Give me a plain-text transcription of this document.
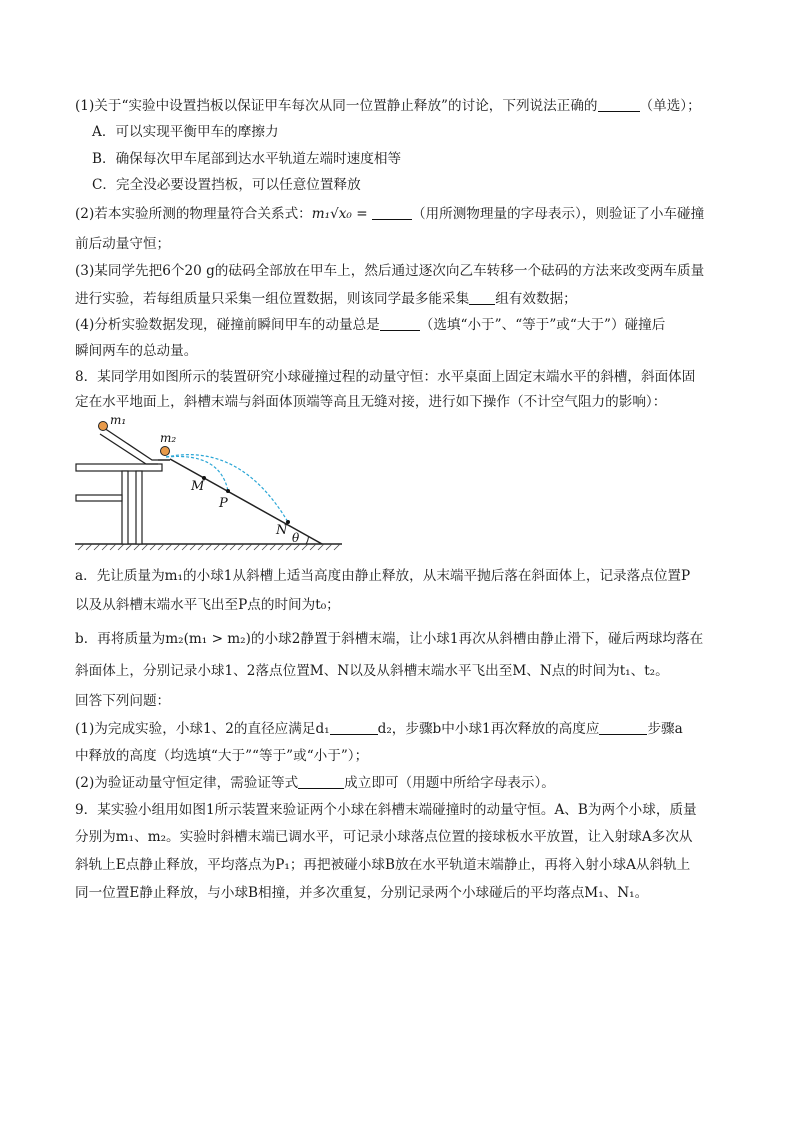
(1)关于“实验中设置挡板以保证甲车每次从同一位置静止释放”的讨论，下列说法正确的	（单选）；
A．可以实现平衡甲车的摩擦力
B．确保每次甲车尾部到达水平轨道左端时速度相等
C．完全没必要设置挡板，可以任意位置释放
(2)若本实验所测的物理量符合关系式：m₁√x₀ =	（用所测物理量的字母表示），则验证了小车碰撞
前后动量守恒；
(3)某同学先把6个20 g的砝码全部放在甲车上，然后通过逐次向乙车转移一个砝码的方法来改变两车质量
进行实验，若每组质量只采集一组位置数据，则该同学最多能采集 组有效数据；
(4)分析实验数据发现，碰撞前瞬间甲车的动量总是	（选填“小于”、“等于”或“大于”）碰撞后
瞬间两车的总动量。
8．某同学用如图所示的装置研究小球碰撞过程的动量守恒：水平桌面上固定末端水平的斜槽，斜面体固
定在水平地面上，斜槽末端与斜面体顶端等高且无缝对接，进行如下操作（不计空气阻力的影响）：
m₁
m₂
M
P
N θ
a．先让质量为m₁的小球1从斜槽上适当高度由静止释放，从末端平抛后落在斜面体上，记录落点位置P
以及从斜槽末端水平飞出至P点的时间为t₀；
b．再将质量为m₂(m₁ > m₂)的小球2静置于斜槽末端，让小球1再次从斜槽由静止滑下，碰后两球均落在
斜面体上，分别记录小球1、2落点位置M、N以及从斜槽末端水平飞出至M、N点的时间为t₁、t₂。
回答下列问题：
(1)为完成实验，小球1、2的直径应满足d₁	d₂，步骤b中小球1再次释放的高度应	步骤a
中释放的高度（均选填“大于”“等于”或“小于”）；
(2)为验证动量守恒定律，需验证等式	成立即可（用题中所给字母表示）。
9．某实验小组用如图1所示装置来验证两个小球在斜槽末端碰撞时的动量守恒。A、B为两个小球，质量
分别为m₁、m₂。实验时斜槽末端已调水平，可记录小球落点位置的接球板水平放置，让入射球A多次从
斜轨上E点静止释放，平均落点为P₁；再把被碰小球B放在水平轨道末端静止，再将入射小球A从斜轨上
同一位置E静止释放，与小球B相撞，并多次重复，分别记录两个小球碰后的平均落点M₁、N₁。
